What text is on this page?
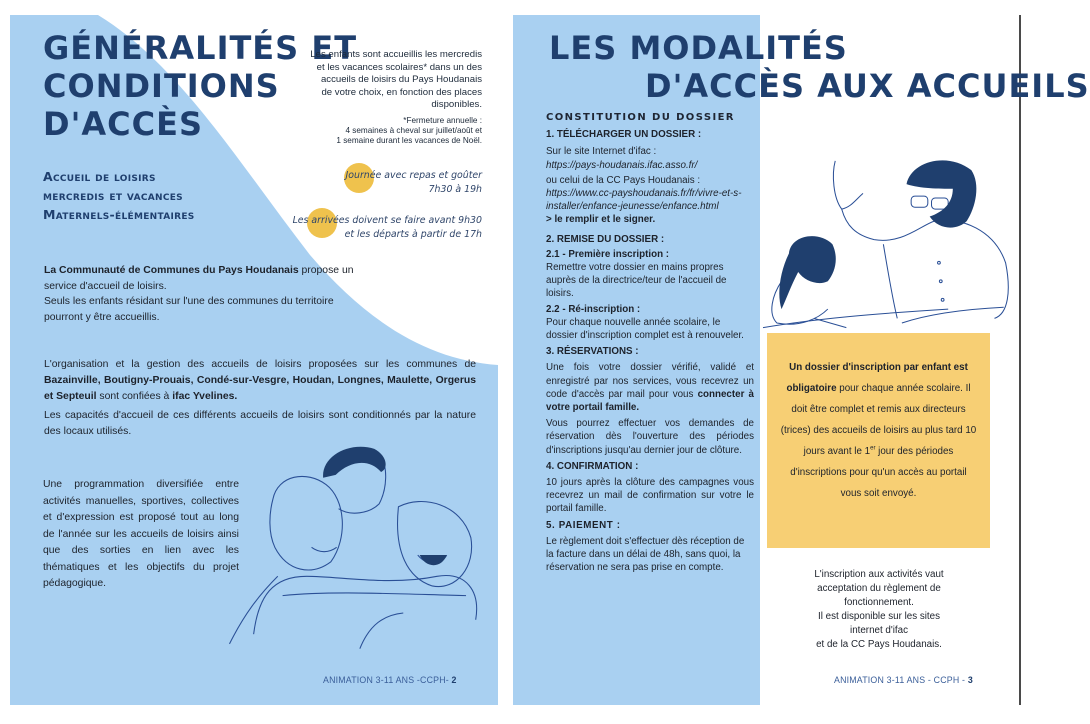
GÉNÉRALITÉS ET
CONDITIONS
D'ACCÈS
Accueil de loisirs
mercredis et vacances
Maternels-élémentaires
Les enfants sont accueillis les mercredis et les vacances scolaires* dans un des accueils de loisirs du Pays Houdanais de votre choix, en fonction des places disponibles.
*Fermeture annuelle :
4 semaines à cheval sur juillet/août et
1 semaine durant les vacances de Noël.
Journée avec repas et goûter
7h30 à 19h
Les arrivées doivent se faire avant 9h30
et les départs à partir de 17h
La Communauté de Communes du Pays Houdanais propose un service d'accueil de loisirs.
Seuls les enfants résidant sur l'une des communes du territoire pourront y être accueillis.
L'organisation et la gestion des accueils de loisirs proposées sur les communes de Bazainville, Boutigny-Prouais, Condé-sur-Vesgre, Houdan, Longnes, Maulette, Orgerus et Septeuil sont confiées à ifac Yvelines.
Les capacités d'accueil de ces différents accueils de loisirs sont conditionnés par la nature des locaux utilisés.
Une programmation diversifiée entre activités manuelles, sportives, collectives et d'expression est proposé tout au long de l'année sur les accueils de loisirs ainsi que des sorties en lien avec les thématiques et les objectifs du projet pédagogique.
ANIMATION 3-11 ANS -CCPH- 2
LES MODALITÉS
D'ACCÈS AUX ACCUEILS
CONSTITUTION DU DOSSIER
1. TÉLÉCHARGER UN DOSSIER :

Sur le site Internet d'ifac :

https://pays-houdanais.ifac.asso.fr/

ou celui de la CC Pays Houdanais :

https://www.cc-payshoudanais.fr/fr/vivre-et-s-installer/enfance-jeunesse/enfance.html

> le remplir et le signer.

2. REMISE DU DOSSIER :
2.1 - Première inscription :

Remettre votre dossier en mains propres auprès de la directrice/teur de l'accueil de loisirs.

2.2 - Ré-inscription :

Pour chaque nouvelle année scolaire, le dossier d'inscription complet est à renouveler.

3. RÉSERVATIONS :

Une fois votre dossier vérifié, validé et enregistré par nos services, vous recevrez un code d'accès par mail pour vous connecter à votre portail famille.

Vous pourrez effectuer vos demandes de réservation dès l'ouverture des périodes d'inscriptions jusqu'au dernier jour de clôture.

4. CONFIRMATION :

10 jours après la clôture des campagnes vous recevrez un mail de confirmation sur votre le portail famille.

5. PAIEMENT :

Le règlement doit s'effectuer dès réception de la facture dans un délai de 48h, sans quoi, la réservation ne sera pas prise en compte.

Un dossier d'inscription par enfant est obligatoire pour chaque année scolaire. Il doit être complet et remis aux directeurs (trices) des accueils de loisirs au plus tard 10 jours avant le 1er jour des périodes d'inscriptions pour qu'un accès au portail vous soit envoyé.
L'inscription aux activités vaut
acceptation du règlement de
fonctionnement.
Il est disponible sur les sites
internet d'ifac
et de la CC Pays Houdanais.
ANIMATION 3-11 ANS - CCPH - 3
